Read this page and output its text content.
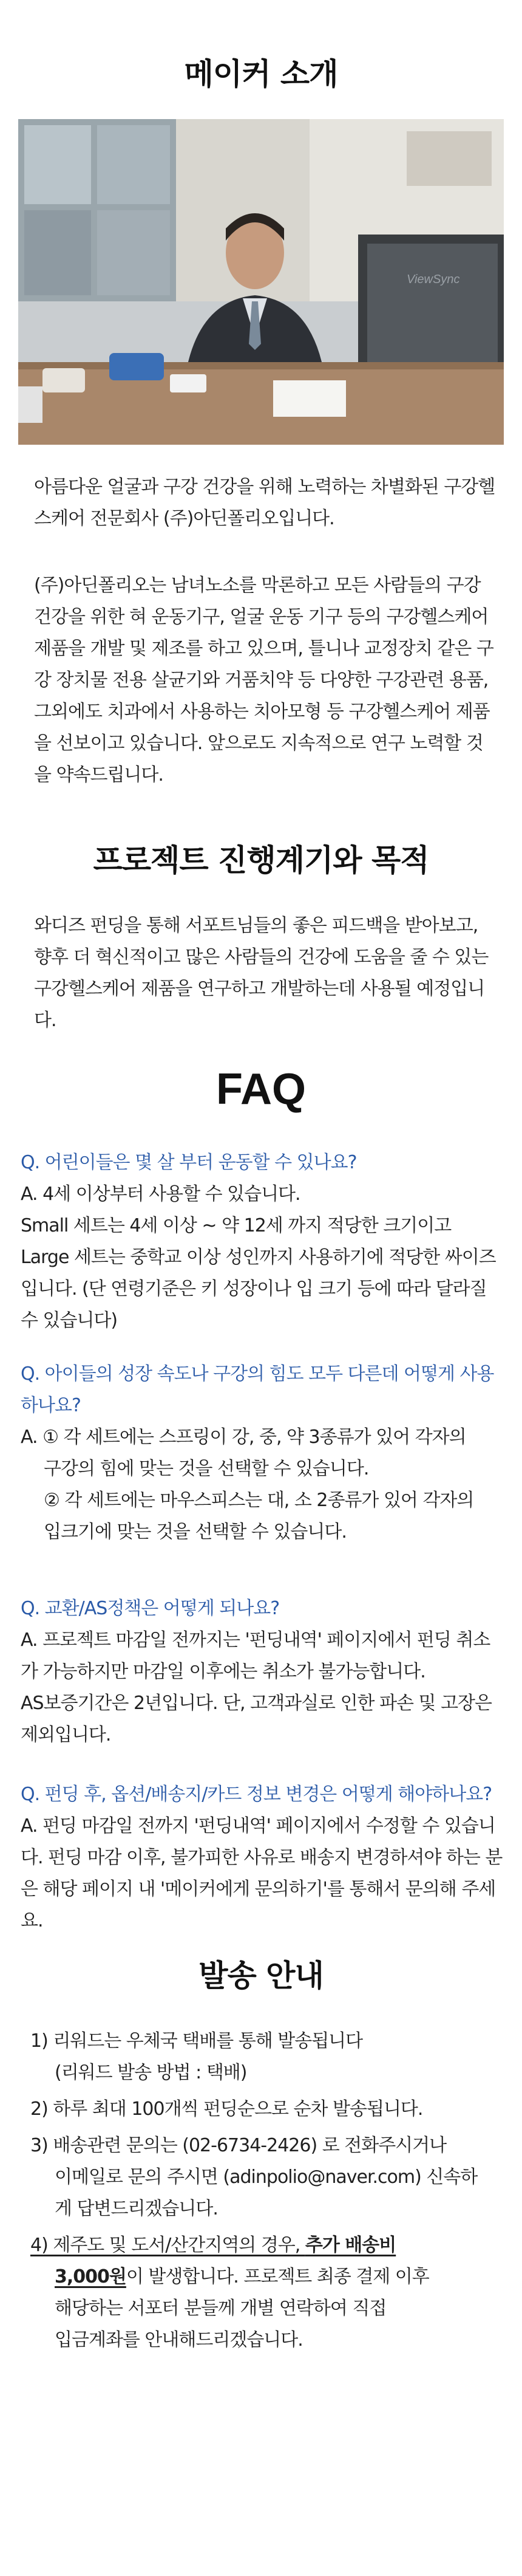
메이커 소개
ViewSync

아름다운 얼굴과 구강 건강을 위해 노력하는 차별화된 구강헬스케어 전문회사 (주)아딘폴리오입니다.

(주)아딘폴리오는 남녀노소를 막론하고 모든 사람들의 구강 건강을 위한 혀 운동기구, 얼굴 운동 기구 등의 구강헬스케어 제품을 개발 및 제조를 하고 있으며, 틀니나 교정장치 같은 구강 장치물 전용 살균기와 거품치약 등 다양한 구강관련 용품, 그외에도 치과에서 사용하는 치아모형 등 구강헬스케어 제품을 선보이고 있습니다. 앞으로도 지속적으로 연구 노력할 것을 약속드립니다.

프로젝트 진행계기와 목적

와디즈 펀딩을 통해 서포트님들의 좋은 피드백을 받아보고, 향후 더 혁신적이고 많은 사람들의 건강에 도움을 줄 수 있는 구강헬스케어 제품을 연구하고 개발하는데 사용될 예정입니다.

FAQ

Q. 어린이들은 몇 살 부터 운동할 수 있나요?

A. 4세 이상부터 사용할 수 있습니다.
Small 세트는 4세 이상 ~ 약 12세 까지 적당한 크기이고
Large 세트는 중학교 이상 성인까지 사용하기에 적당한 싸이즈입니다. (단 연령기준은 키 성장이나 입 크기 등에 따라 달라질 수 있습니다)

Q. 아이들의 성장 속도나 구강의 힘도 모두 다른데 어떻게 사용하나요?

A. ① 각 세트에는 스프링이 강, 중, 약 3종류가 있어 각자의
구강의 힘에 맞는 것을 선택할 수 있습니다.
② 각 세트에는 마우스피스는 대, 소 2종류가 있어 각자의
입크기에 맞는 것을 선택할 수 있습니다.

Q. 교환/AS정책은 어떻게 되나요?

A. 프로젝트 마감일 전까지는 '펀딩내역' 페이지에서 펀딩 취소가 가능하지만 마감일 이후에는 취소가 불가능합니다.
AS보증기간은 2년입니다. 단, 고객과실로 인한 파손 및 고장은 제외입니다.

Q. 펀딩 후, 옵션/배송지/카드 정보 변경은 어떻게 해야하나요?

A. 펀딩 마감일 전까지 '펀딩내역' 페이지에서 수정할 수 있습니다. 펀딩 마감 이후, 불가피한 사유로 배송지 변경하셔야 하는 분은 해당 페이지 내 '메이커에게 문의하기'를 통해서 문의해 주세요.

발송 안내
1) 리워드는 우체국 택배를 통해 발송됩니다
(리워드 발송 방법 : 택배)
2) 하루 최대 100개씩 펀딩순으로 순차 발송됩니다.
3) 배송관련 문의는 (02-6734-2426) 로 전화주시거나
이메일로 문의 주시면 (adinpolio@naver.com) 신속하
게 답변드리겠습니다.
4) 제주도 및 도서/산간지역의 경우, 추가 배송비
3,000원이 발생합니다. 프로젝트 최종 결제 이후
해당하는 서포터 분들께 개별 연락하여 직접
입금계좌를 안내해드리겠습니다.
